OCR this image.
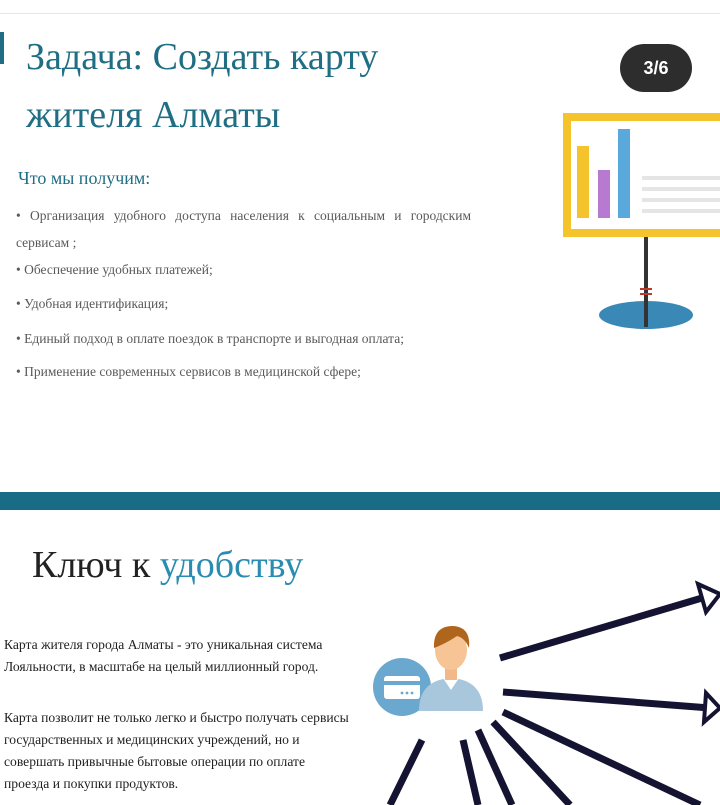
Задача: Создать карту
жителя Алматы
3/6
Что мы получим:
• Организация удобного доступа населения к социальным и городским сервисам ;
• Обеспечение удобных платежей;
• Удобная идентификация;
• Единый подход в оплате поездок в транспорте и выгодная оплата;
• Применение современных сервисов в медицинской сфере;
Ключ к удобству
Карта жителя города Алматы - это уникальная система Лояльности, в масштабе на целый миллионный город.
Карта позволит не только легко и быстро получать сервисы государственных и медицинских учреждений, но и совершать привычные бытовые операции по оплате проезда и покупки продуктов.
